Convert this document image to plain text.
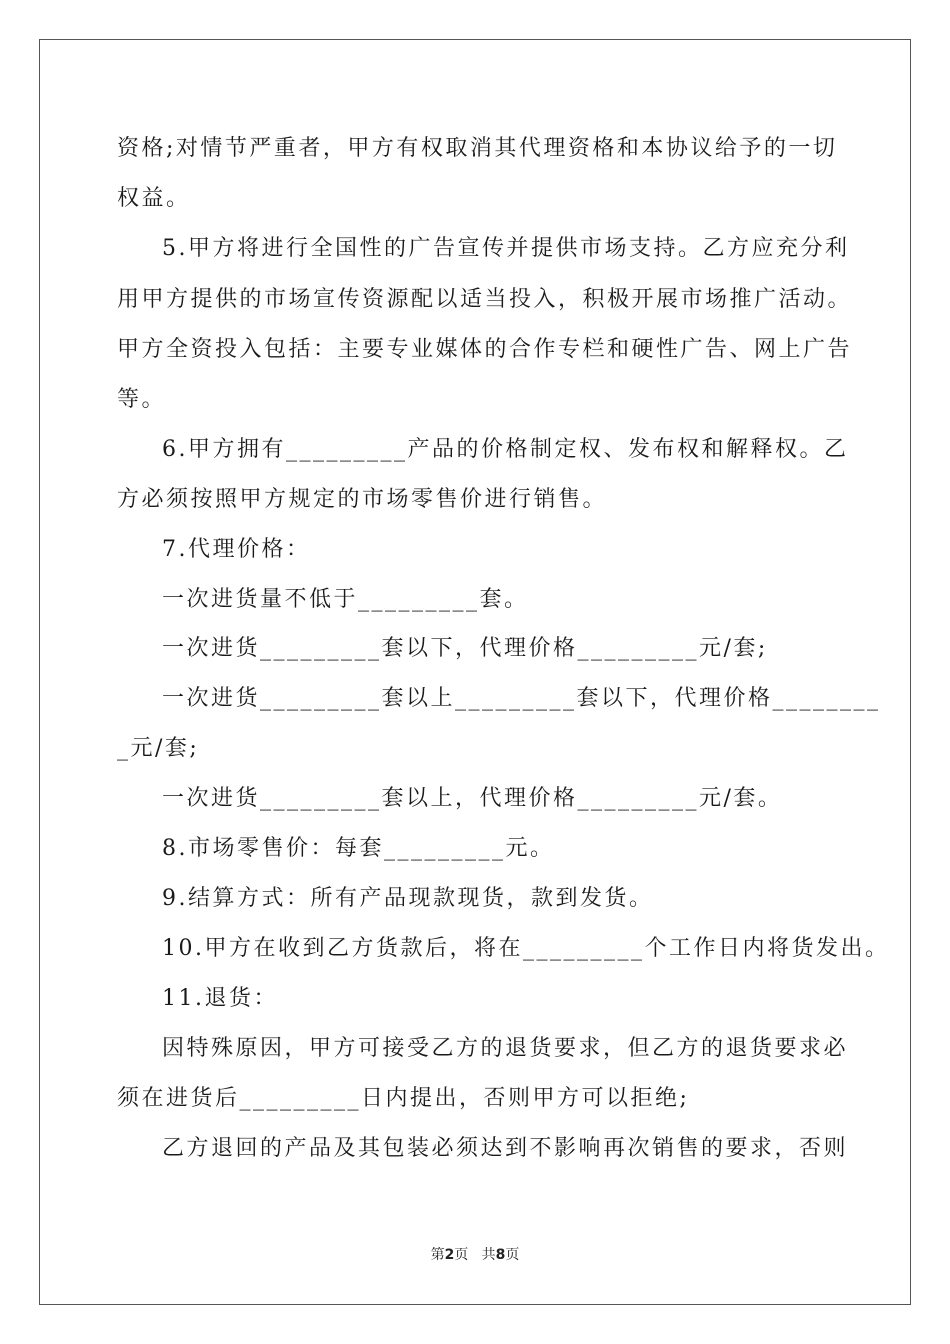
资格;对情节严重者，甲方有权取消其代理资格和本协议给予的一切
权益。
5.甲方将进行全国性的广告宣传并提供市场支持。乙方应充分利
用甲方提供的市场宣传资源配以适当投入，积极开展市场推广活动。
甲方全资投入包括：主要专业媒体的合作专栏和硬性广告、网上广告
等。
6.甲方拥有_________产品的价格制定权、发布权和解释权。乙
方必须按照甲方规定的市场零售价进行销售。
7.代理价格：
一次进货量不低于_________套。
一次进货_________套以下，代理价格_________元/套;
一次进货_________套以上_________套以下，代理价格________
_元/套;
一次进货_________套以上，代理价格_________元/套。
8.市场零售价：每套_________元。
9.结算方式：所有产品现款现货，款到发货。
10.甲方在收到乙方货款后，将在_________个工作日内将货发出。
11.退货：
因特殊原因，甲方可接受乙方的退货要求，但乙方的退货要求必
须在进货后_________日内提出，否则甲方可以拒绝;
乙方退回的产品及其包装必须达到不影响再次销售的要求，否则
第2页 共8页
